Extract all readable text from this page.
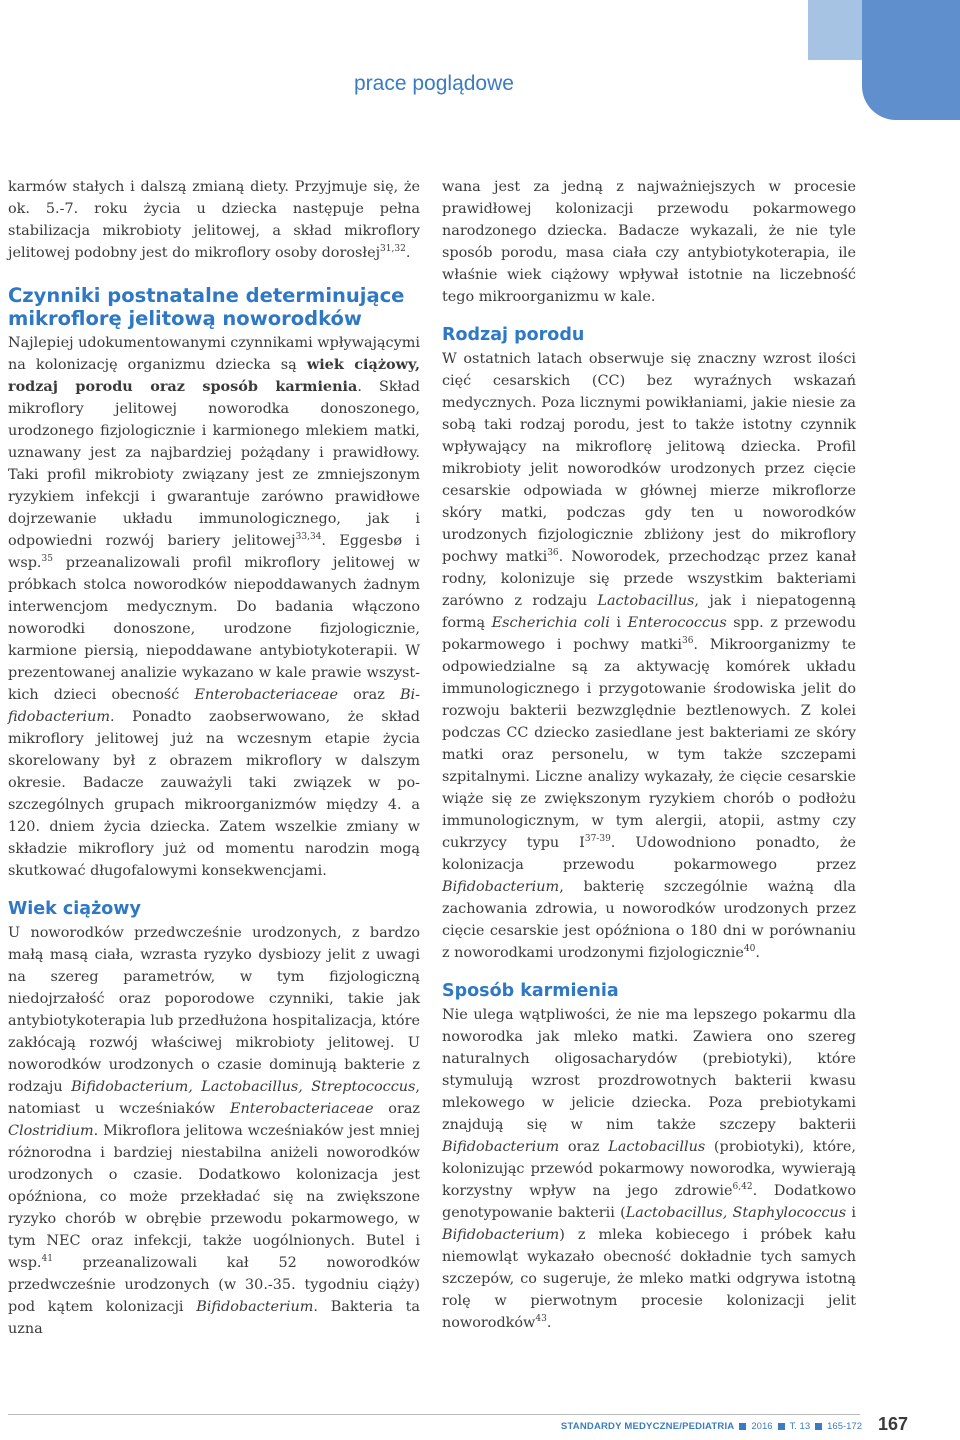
prace poglądowe

karmów stałych i dalszą zmianą diety. Przyjmuje się, że ok. 5.-7. roku życia u dziecka następuje pełna stabilizacja mikrobioty jelitowej, a skład mikroflory jelitowej podobny jest do mikroflory osoby dorosłej$^{31,32}$.

Czynniki postnatalne determinujące mikroflorę jelitową noworodków

Najlepiej udokumentowanymi czynnikami wpływającymi na kolonizację organizmu dziecka są wiek ciążowy, rodzaj porodu oraz sposób karmienia. Skład mikroflory jelitowej noworodka donoszonego, urodzonego fizjologicznie i karmionego mlekiem matki, uznawany jest za najbardziej pożądany i prawidłowy. Taki profil mikrobioty związany jest ze zmniejszonym ryzykiem infekcji i gwarantuje zarówno prawidłowe dojrzewanie układu immunologicznego, jak i odpowiedni rozwój bariery jelitowej$^{33,34}$. Eggesbø i wsp.$^{35}$ przeanalizowali profil mikroflory jelitowej w próbkach stolca noworodków niepoddawanych żadnym interwencjom medycznym. Do badania włączono noworodki donoszone, urodzone fizjologicznie, karmione piersią, niepoddawane antybiotykoterapii. W prezentowanej analizie wykazano w kale prawie wszystkich dzieci obecność Enterobacteriaceae oraz Bifidobacterium. Ponadto zaobserwowano, że skład mikroflory jelitowej już na wczesnym etapie życia skorelowany był z obrazem mikroflory w dalszym okresie. Badacze zauważyli taki związek w poszczególnych grupach mikroorganizmów między 4. a 120. dniem życia dziecka. Zatem wszelkie zmiany w składzie mikroflory już od momentu narodzin mogą skutkować długofalowymi konsekwencjami.

Wiek ciążowy

U noworodków przedwcześnie urodzonych, z bardzo małą masą ciała, wzrasta ryzyko dysbiozy jelit z uwagi na szereg parametrów, w tym fizjologiczną niedojrzałość oraz poporodowe czynniki, takie jak antybiotykoterapia lub przedłużona hospitalizacja, które zakłócają rozwój właściwej mikrobioty jelitowej. U noworodków urodzonych o czasie dominują bakterie z rodzaju Bifidobacterium, Lactobacillus, Streptococcus, natomiast u wcześniaków Enterobacteriaceae oraz Clostridium. Mikroflora jelitowa wcześniaków jest mniej różnorodna i bardziej niestabilna aniżeli noworodków urodzonych o czasie. Dodatkowo kolonizacja jest opóźniona, co może przekładać się na zwiększone ryzyko chorób w obrębie przewodu pokarmowego, w tym NEC oraz infekcji, także uogólnionych. Butel i wsp.$^{41}$ przeanalizowali kał 52 noworodków przedwcześnie urodzonych (w 30.-35. tygodniu ciąży) pod kątem kolonizacji Bifidobacterium. Bakteria ta uzna

wana jest za jedną z najważniejszych w procesie prawidłowej kolonizacji przewodu pokarmowego narodzonego dziecka. Badacze wykazali, że nie tyle sposób porodu, masa ciała czy antybiotykoterapia, ile właśnie wiek ciążowy wpływał istotnie na liczebność tego mikroorganizmu w kale.

Rodzaj porodu

W ostatnich latach obserwuje się znaczny wzrost ilości cięć cesarskich (CC) bez wyraźnych wskazań medycznych. Poza licznymi powikłaniami, jakie niesie za sobą taki rodzaj porodu, jest to także istotny czynnik wpływający na mikroflorę jelitową dziecka. Profil mikrobioty jelit noworodków urodzonych przez cięcie cesarskie odpowiada w głównej mierze mikroflorze skóry matki, podczas gdy ten u noworodków urodzonych fizjologicznie zbliżony jest do mikroflory pochwy matki$^{36}$. Noworodek, przechodząc przez kanał rodny, kolonizuje się przede wszystkim bakteriami zarówno z rodzaju Lactobacillus, jak i niepatogenną formą Escherichia coli i Enterococcus spp. z przewodu pokarmowego i pochwy matki$^{36}$. Mikroorganizmy te odpowiedzialne są za aktywację komórek układu immunologicznego i przygotowanie środowiska jelit do rozwoju bakterii bezwzględnie beztlenowych. Z kolei podczas CC dziecko zasiedlane jest bakteriami ze skóry matki oraz personelu, w tym także szczepami szpitalnymi. Liczne analizy wykazały, że cięcie cesarskie wiąże się ze zwiększonym ryzykiem chorób o podłożu immunologicznym, w tym alergii, atopii, astmy czy cukrzycy typu $I^{37-39}$. Udowodniono ponadto, że kolonizacja przewodu pokarmowego przez Bifidobacterium, bakterię szczególnie ważną dla zachowania zdrowia, u noworodków urodzonych przez cięcie cesarskie jest opóźniona o 180 dni w porównaniu z noworodkami urodzonymi fizjologicznie$^{40}$.

Sposób karmienia

Nie ulega wątpliwości, że nie ma lepszego pokarmu dla noworodka jak mleko matki. Zawiera ono szereg naturalnych oligosacharydów (prebiotyki), które stymulują wzrost prozdrowotnych bakterii kwasu mlekowego w jelicie dziecka. Poza prebiotykami znajdują się w nim także szczepy bakterii Bifidobacterium oraz Lactobacillus (probiotyki), które, kolonizując przewód pokarmowy noworodka, wywierają korzystny wpływ na jego zdrowie$^{6,42}$. Dodatkowo genotypowanie bakterii (Lactobacillus, Staphylococcus i Bifidobacterium) z mleka kobiecego i próbek kału niemowląt wykazało obecność dokładnie tych samych szczepów, co sugeruje, że mleko matki odgrywa istotną rolę w pierwotnym procesie kolonizacji jelit noworodków$^{43}$.

STANDARDY MEDYCZNE/PEDIATRIA 2016 T. 13 165-172 167
